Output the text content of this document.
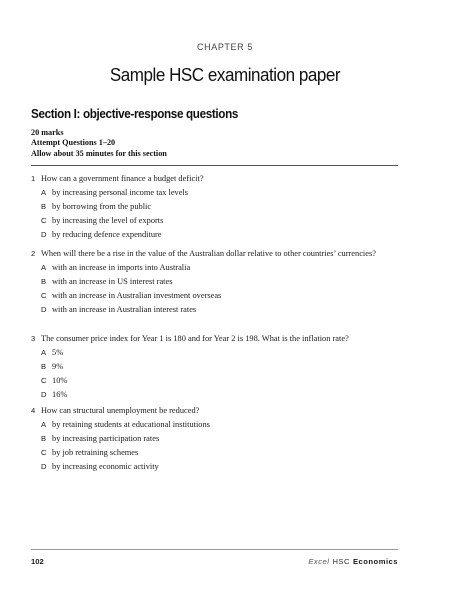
CHAPTER 5
Sample HSC examination paper
Section I: objective-response questions
20 marks
Attempt Questions 1–20
Allow about 35 minutes for this section
1 How can a government finance a budget deficit?
A by increasing personal income tax levels
B by borrowing from the public
C by increasing the level of exports
D by reducing defence expenditure
2 When will there be a rise in the value of the Australian dollar relative to other countries’ currencies?
A with an increase in imports into Australia
B with an increase in US interest rates
C with an increase in Australian investment overseas
D with an increase in Australian interest rates
3 The consumer price index for Year 1 is 180 and for Year 2 is 198. What is the inflation rate?
A 5%
B 9%
C 10%
D 16%
4 How can structural unemployment be reduced?
A by retaining students at educational institutions
B by increasing participation rates
C by job retraining schemes
D by increasing economic activity
102	Excel HSC Economics
